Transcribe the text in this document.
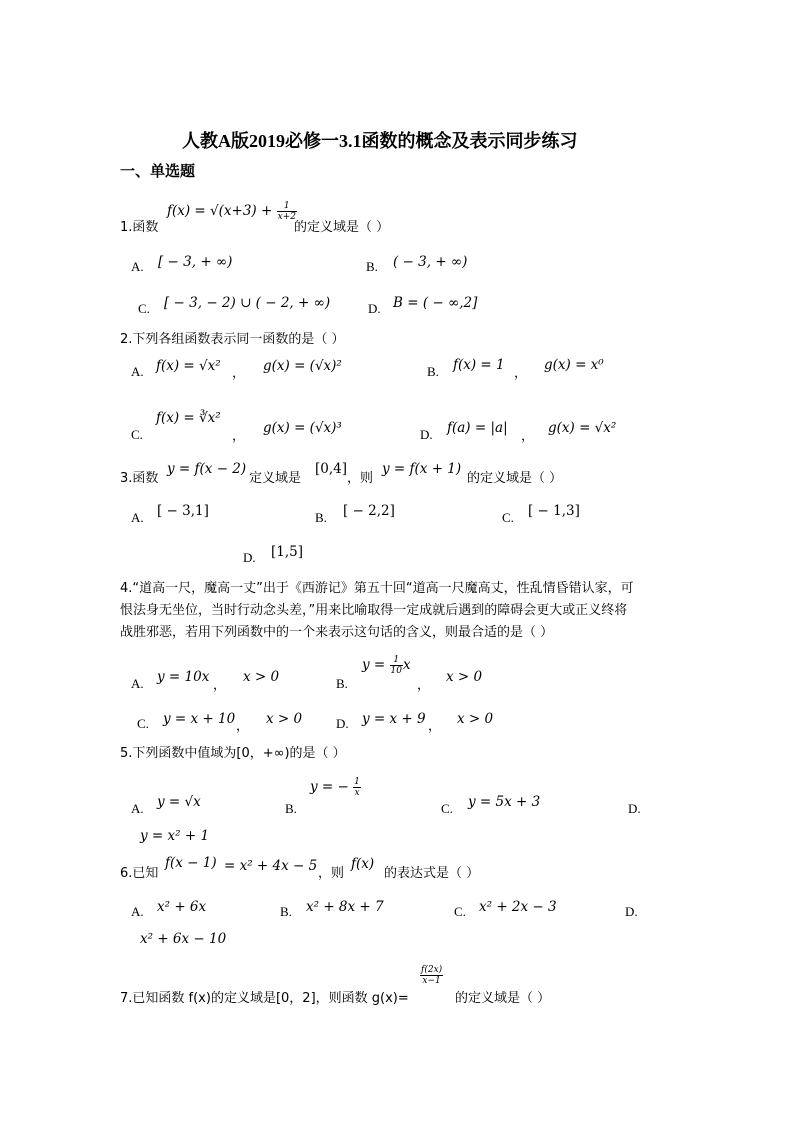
人教A版2019必修一3.1函数的概念及表示同步练习
一、单选题
1.函数
$f(x) = √(x+3) + \frac{1}{x+2}$
的定义域是（ ）
A. [ − 3, + ∞)	B. ( − 3, + ∞)
C. [ − 3, − 2) ∪ ( − 2, + ∞)	D. B = ( − ∞,2]
2.下列各组函数表示同一函数的是（ ）
A. f(x) = √x² ， g(x) = (√x)²	B. f(x) = 1
，
g(x) = x⁰
C.
f(x) = ∛x²
，
g(x) = (√x)³	D. f(a) = |a|
，
g(x) = √x²
3.函数
y = f(x − 2)
定义域是
[0,4]
，则
y = f(x + 1)
的定义域是（ ）
A. [ − 3,1]	B. [ − 2,2]	C. [ − 1,3]
D. [1,5]
4.“道高一尺，魔高一丈”出于《西游记》第五十回“道高一尺魔高丈，性乱情昏错认家，可
恨法身无坐位，当时行动念头差，”用来比喻取得一定成就后遇到的障碍会更大或正义终将
战胜邪恶，若用下列函数中的一个来表示这句话的含义，则最合适的是（ ）
A. y = 10x
，
x > 0	B.
$y = \frac{1}{10}$ x
，
x > 0
C. y = x + 10 ， x > 0	D. y = x + 9 ， x > 0
5.下列函数中值域为[0，+∞)的是（ ）
A. y = √x	B.
y = − $\frac{1}{x}$
C. y = 5x + 3	D.
y = x² + 1
6.已知
f(x − 1) = x² + 4x − 5 ，则
f(x)
的表达式是（ ）
A. x² + 6x	B. x² + 8x + 7	C. x² + 2x − 3	D.
x² + 6x − 10
7.已知函数 f(x)的定义域是[0，2]，则函数 g(x)=
$\frac{f(2x)}{x-1}$
的定义域是（ ）
